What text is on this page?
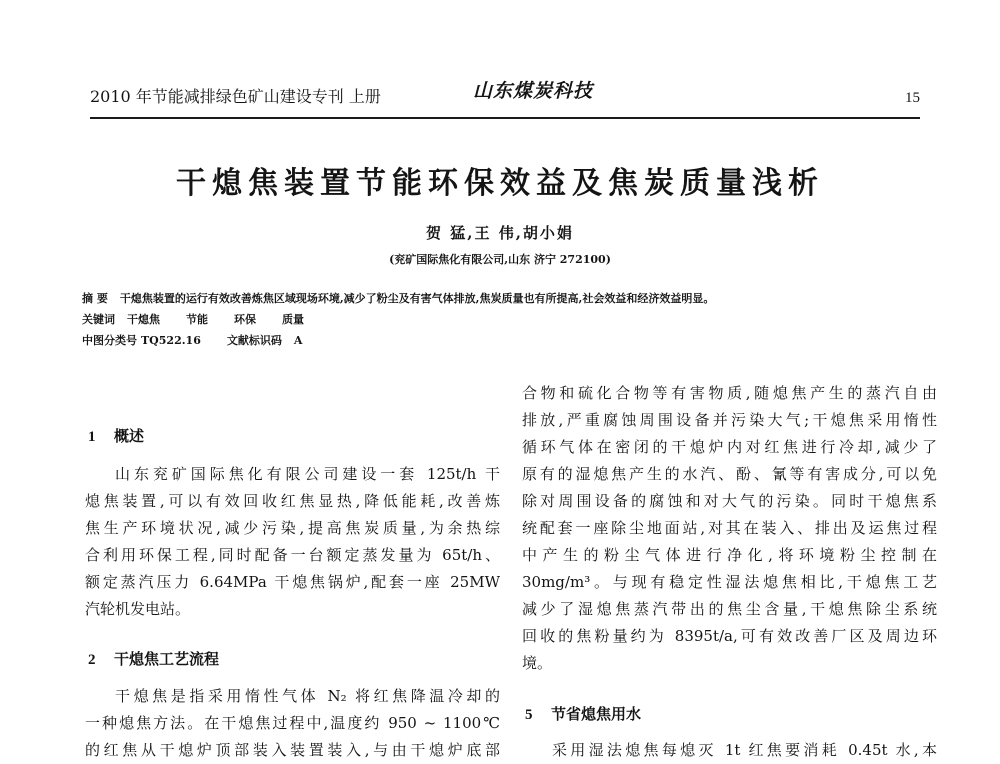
2010 年节能减排绿色矿山建设专刊 上册	山东煤炭科技	15
干熄焦装置节能环保效益及焦炭质量浅析
贺 猛,王 伟,胡小娟
(兖矿国际焦化有限公司,山东 济宁 272100)
摘 要 干熄焦装置的运行有效改善炼焦区域现场环境,减少了粉尘及有害气体排放,焦炭质量也有所提高,社会效益和经济效益明显。
关键词 干熄焦 节能 环保 质量
中图分类号 TQ522.16 文献标识码 A
1 概述
山东兖矿国际焦化有限公司建设一套 125t/h 干
熄焦装置,可以有效回收红焦显热,降低能耗,改善炼
焦生产环境状况,减少污染,提高焦炭质量,为余热综
合利用环保工程,同时配备一台额定蒸发量为 65t/h、
额定蒸汽压力 6.64MPa 干熄焦锅炉,配套一座 25MW
汽轮机发电站。
2 干熄焦工艺流程
干熄焦是指采用惰性气体 N₂ 将红焦降温冷却的
一种熄焦方法。在干熄焦过程中,温度约 950 ~ 1100℃
的红焦从干熄炉顶部装入装置装入,与由干熄炉底部
合物和硫化合物等有害物质,随熄焦产生的蒸汽自由
排放,严重腐蚀周围设备并污染大气;干熄焦采用惰性
循环气体在密闭的干熄炉内对红焦进行冷却,减少了
原有的湿熄焦产生的水汽、酚、氰等有害成分,可以免
除对周围设备的腐蚀和对大气的污染。同时干熄焦系
统配套一座除尘地面站,对其在装入、排出及运焦过程
中产生的粉尘气体进行净化,将环境粉尘控制在
30mg/m³。与现有稳定性湿法熄焦相比,干熄焦工艺
减少了湿熄焦蒸汽带出的焦尘含量,干熄焦除尘系统
回收的焦粉量约为 8395t/a,可有效改善厂区及周边环
境。
5 节省熄焦用水
采用湿法熄焦每熄灭 1t 红焦要消耗 0.45t 水,本
